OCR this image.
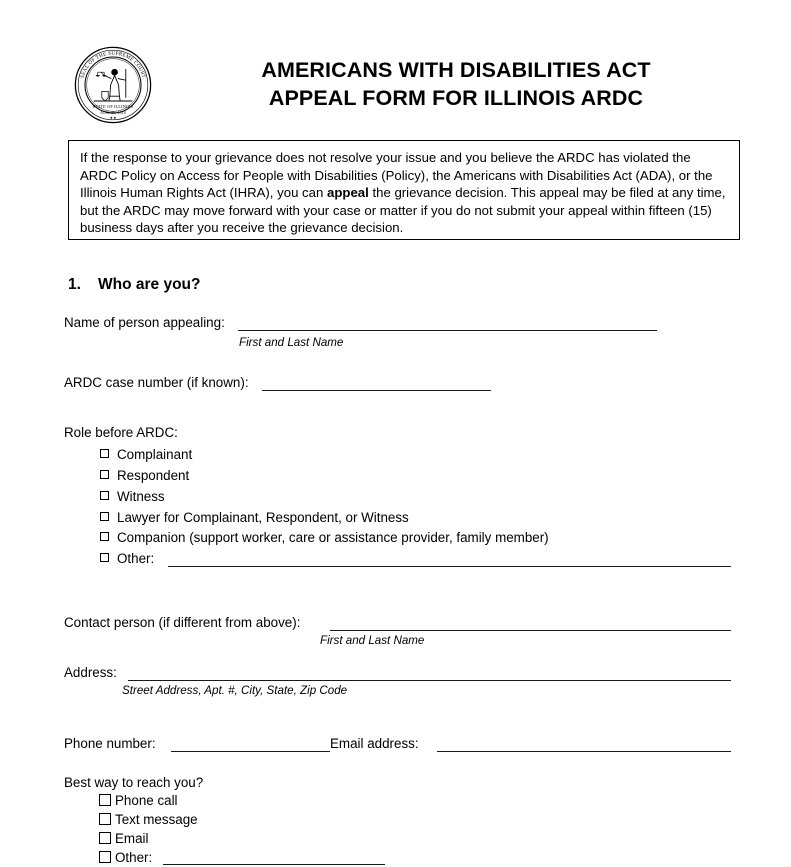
SEAL OF THE SUPREME COURT
STATE OF ILLINOIS
AUG. 26, 1818
✦✦
AMERICANS WITH DISABILITIES ACT
APPEAL FORM FOR ILLINOIS ARDC
If the response to your grievance does not resolve your issue and you believe the ARDC has violated the ARDC Policy on Access for People with Disabilities (Policy), the Americans with Disabilities Act (ADA), or the Illinois Human Rights Act (IHRA), you can appeal the grievance decision. This appeal may be filed at any time, but the ARDC may move forward with your case or matter if you do not submit your appeal within fifteen (15) business days after you receive the grievance decision.
1. Who are you?
Name of person appealing:
First and Last Name
ARDC case number (if known):
Role before ARDC:
Complainant
Respondent
Witness
Lawyer for Complainant, Respondent, or Witness
Companion (support worker, care or assistance provider, family member)
Other:
Contact person (if different from above):
First and Last Name
Address:
Street Address, Apt. #, City, State, Zip Code
Phone number:	Email address:
Best way to reach you?
Phone call
Text message
Email
Other:
